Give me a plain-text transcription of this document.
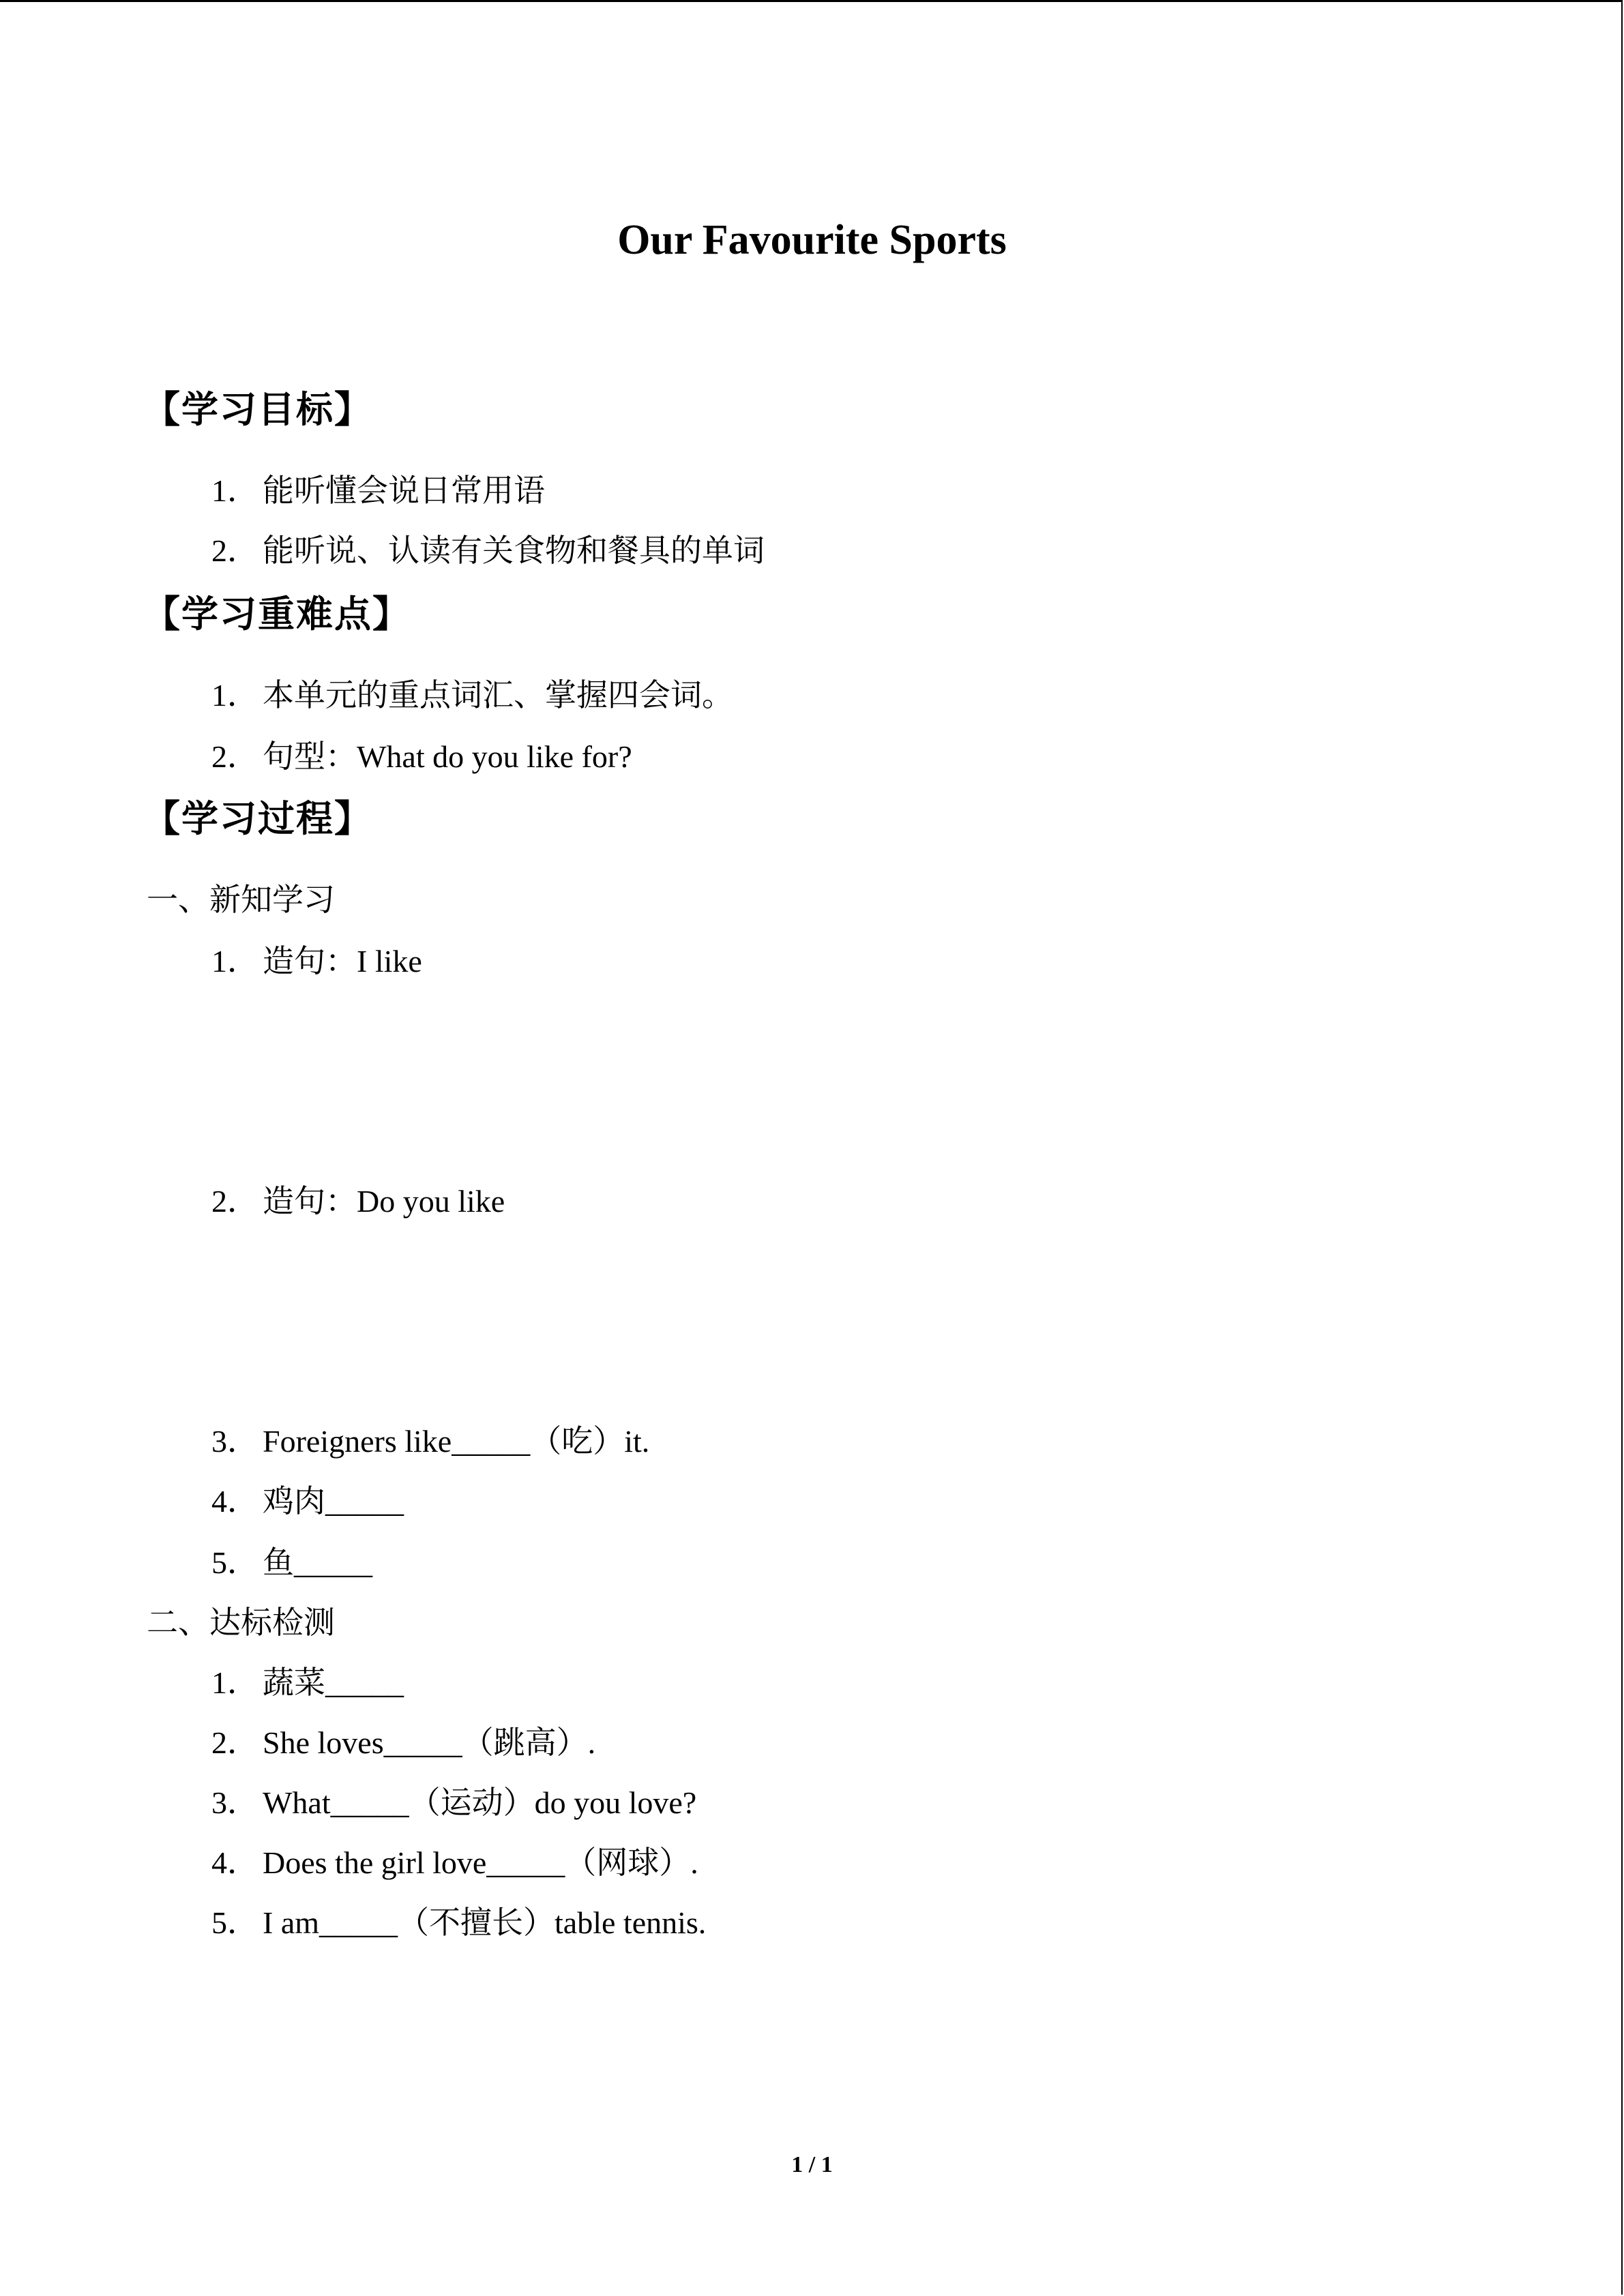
Our Favourite Sports
【学习目标】
1． 能听懂会说日常用语
2． 能听说、认读有关食物和餐具的单词
【学习重难点】
1． 本单元的重点词汇、掌握四会词。
2． 句型：What do you like for?
【学习过程】
一、新知学习
1． 造句：I like
2． 造句：Do you like
3． Foreigners like_____（吃）it.
4． 鸡肉_____
5． 鱼_____
二、达标检测
1． 蔬菜_____
2． She loves_____（跳高）.
3． What_____（运动）do you love?
4． Does the girl love_____（网球）.
5． I am_____（不擅长）table tennis.
1 / 1
